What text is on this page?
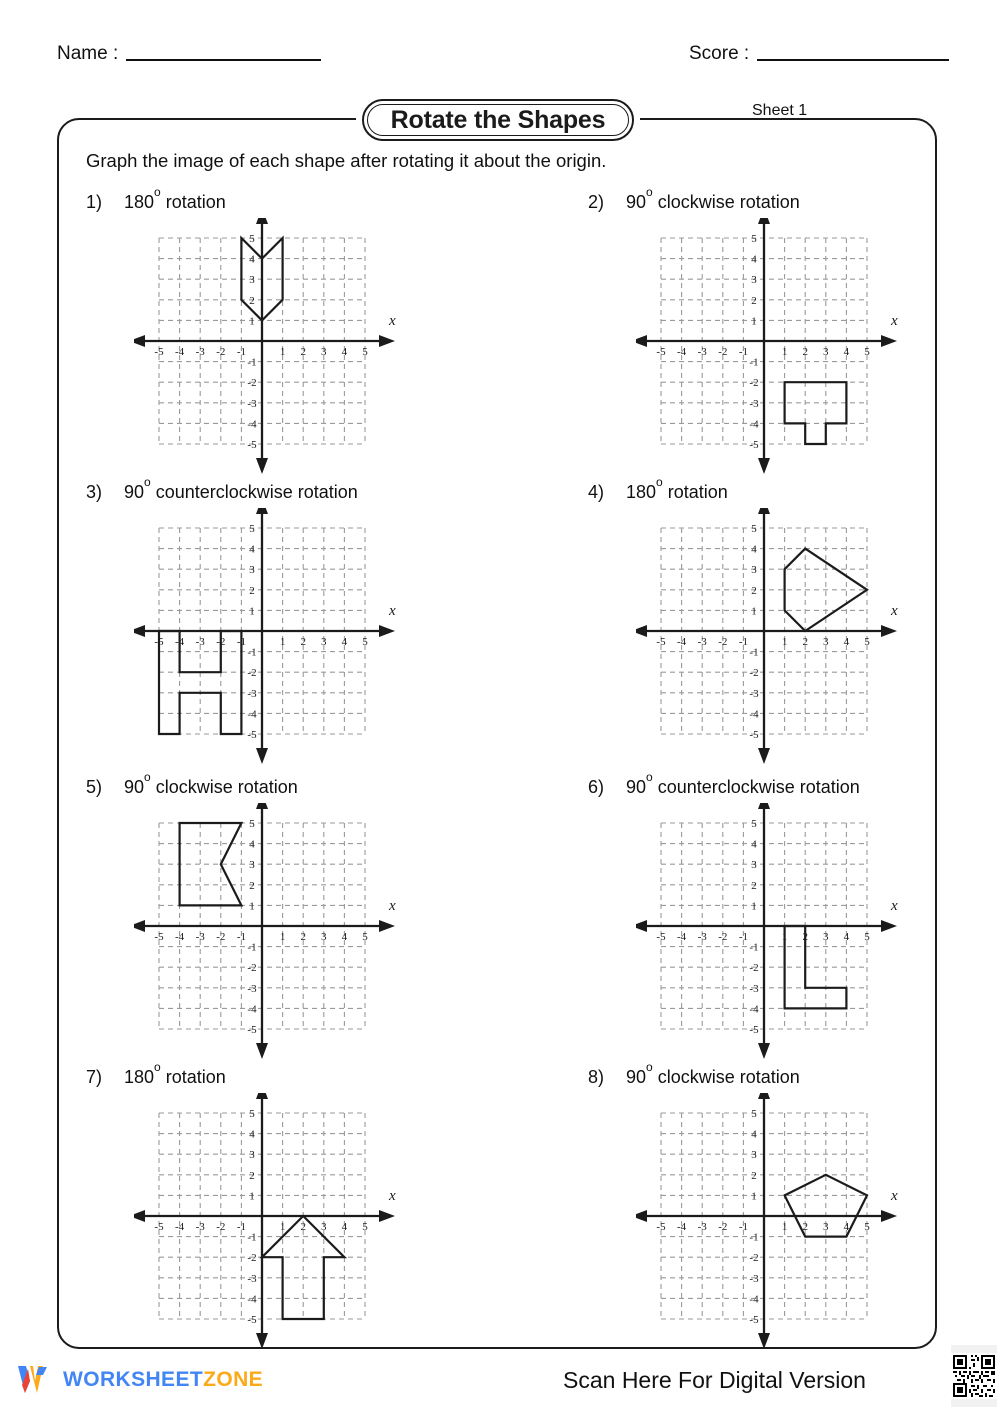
Name :	Score :
Sheet 1
Rotate the Shapes
Graph the image of each shape after rotating it about the origin.
1)	180$^o$ rotation
-5 -4 -3 -2 -1	1 2 3 4 5
5
4
3
2
1
-1
-2
-3
-4
-5
x
2)	90$^o$ clockwise rotation
-5 -4 -3 -2 -1	1 2 3 4 5
5
4
3
2
1
-1
-2
-3
-4
-5
x
3)	90$^o$ counterclockwise rotation
-5 -4 -3 -2 -1	1 2 3 4 5
5
4
3
2
1
-1
-2
-3
-4
-5
x
4)	180$^o$ rotation
-5 -4 -3 -2 -1	1 2 3 4 5
5
4
3
2
1
-1
-2
-3
-4
-5
x
5)	90$^o$ clockwise rotation
-5 -4 -3 -2 -1	1 2 3 4 5
5
4
3
2
1
-1
-2
-3
-4
-5
x
6)	90$^o$ counterclockwise rotation
-5 -4 -3 -2 -1	1 2 3 4 5
5
4
3
2
1
-1
-2
-3
-4
-5
x
7)	180$^o$ rotation
-5 -4 -3 -2 -1	1 2 3 4 5
5
4
3
2
1
-1
-2
-3
-4
-5
x
8)	90$^o$ clockwise rotation
-5 -4 -3 -2 -1	1 2 3 4 5
5
4
3
2
1
-1
-2
-3
-4
-5
x
WORKSHEETZONE	Scan Here For Digital Version
